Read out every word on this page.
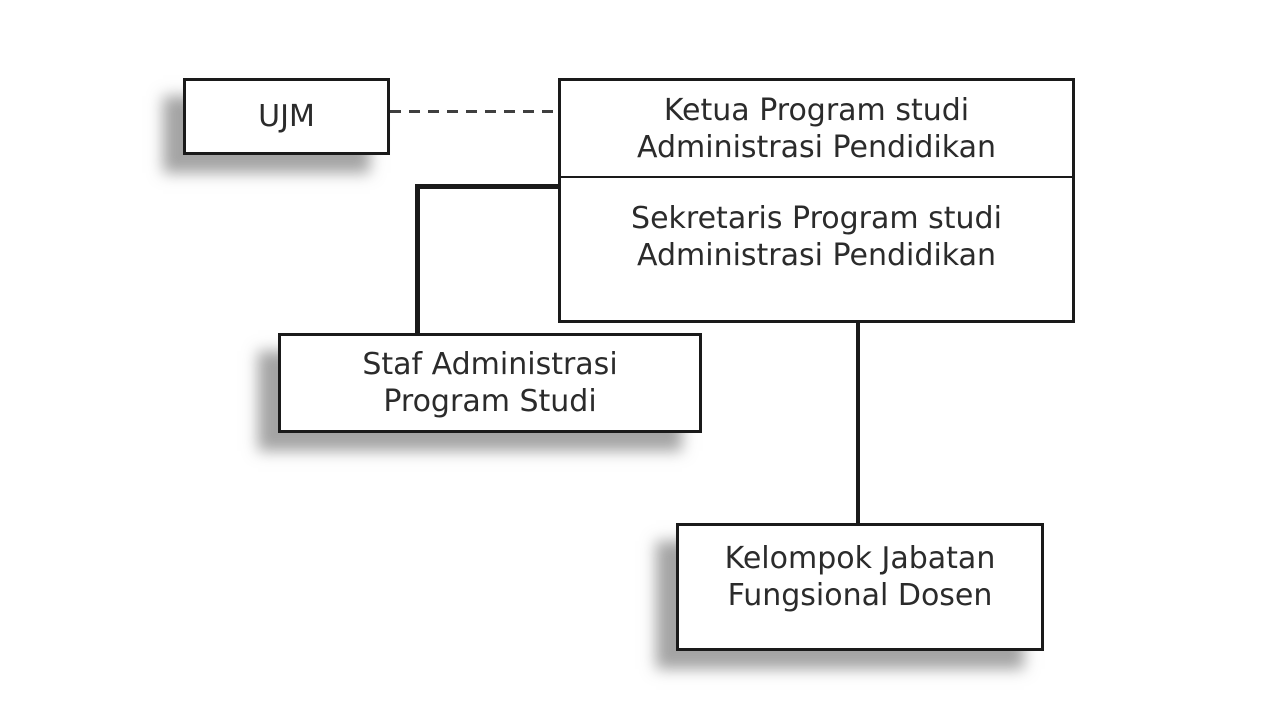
UJM	Ketua Program studi
Administrasi Pendidikan
Sekretaris Program studi
Administrasi Pendidikan
Staf Administrasi
Program Studi
Kelompok Jabatan
Fungsional Dosen
